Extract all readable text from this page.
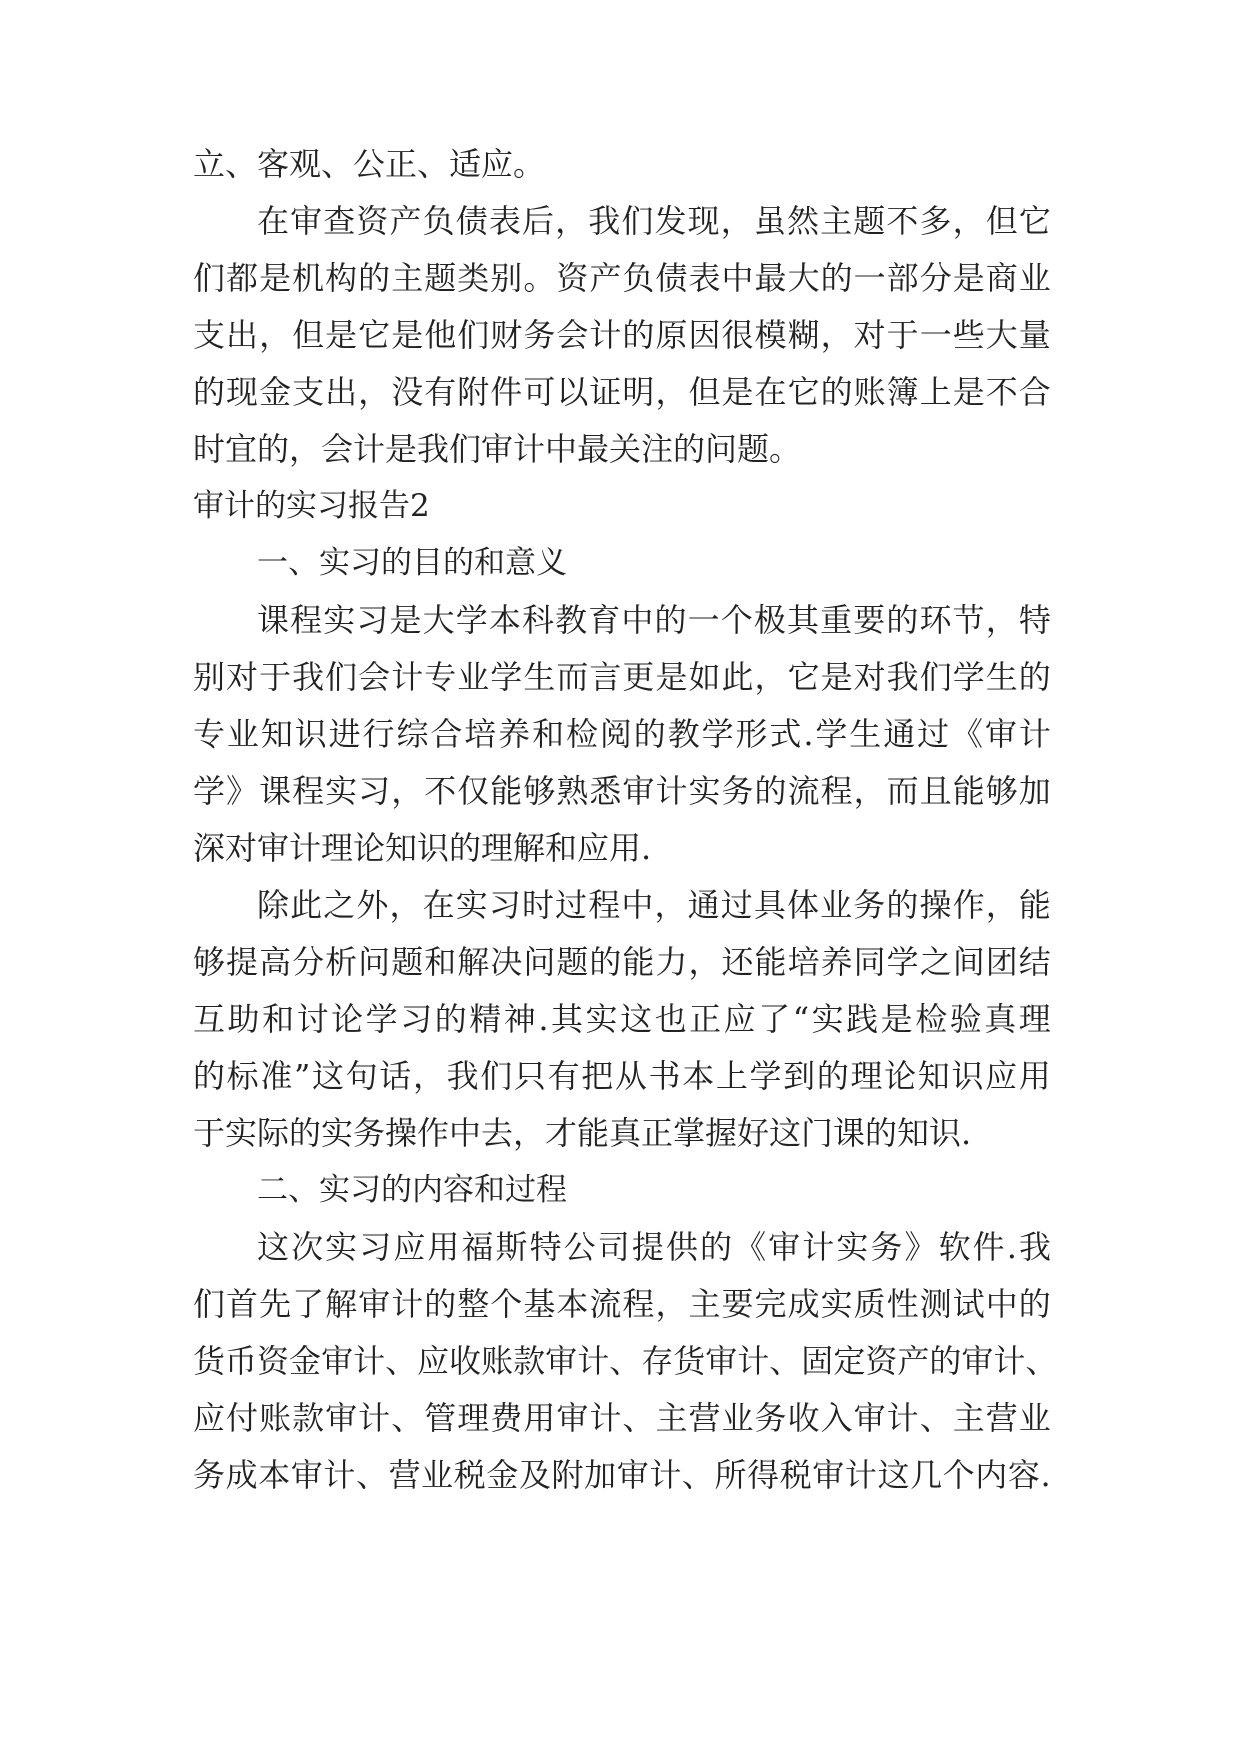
立、客观、公正、适应。

在 审 查 资 产 负 债 表 后 ， 我 们 发 现 ， 虽 然 主 题 不 多 ， 但 它

们 都 是 机 构 的 主 题 类 别 。 资 产 负 债 表 中 最 大 的 一 部 分 是 商 业

支 出 ， 但 是 它 是 他 们 财 务 会 计 的 原 因 很 模 糊 ， 对 于 一 些 大 量

的 现 金 支 出 ， 没 有 附 件 可 以 证 明 ， 但 是 在 它 的 账 簿 上 是 不 合

时宜的，会计是我们审计中最关注的问题。

审计的实习报告2

一、实习的目的和意义

课 程 实 习 是 大 学 本 科 教 育 中 的 一 个 极 其 重 要 的 环 节 ， 特

别 对 于 我 们 会 计 专 业 学 生 而 言 更 是 如 此 ， 它 是 对 我 们 学 生 的

专 业 知 识 进 行 综 合 培 养 和 检 阅 的 教 学 形 式 . 学 生 通 过 《 审 计

学 》 课 程 实 习 ， 不 仅 能 够 熟 悉 审 计 实 务 的 流 程 ， 而 且 能 够 加

深对审计理论知识的理解和应用.

除 此 之 外 ， 在 实 习 时 过 程 中 ， 通 过 具 体 业 务 的 操 作 ， 能

够 提 高 分 析 问 题 和 解 决 问 题 的 能 力 ， 还 能 培 养 同 学 之 间 团 结

互 助 和 讨 论 学 习 的 精 神 . 其 实 这 也 正 应 了 “ 实 践 是 检 验 真 理

的 标 准 ” 这 句 话 ， 我 们 只 有 把 从 书 本 上 学 到 的 理 论 知 识 应 用

于实际的实务操作中去，才能真正掌握好这门课的知识.

二、实习的内容和过程

这 次 实 习 应 用 福 斯 特 公 司 提 供 的 《 审 计 实 务 》 软 件 . 我

们 首 先 了 解 审 计 的 整 个 基 本 流 程 ， 主 要 完 成 实 质 性 测 试 中 的

货 币 资 金 审 计 、 应 收 账 款 审 计 、 存 货 审 计 、 固 定 资 产 的 审 计 、

应 付 账 款 审 计 、 管 理 费 用 审 计 、 主 营 业 务 收 入 审 计 、 主 营 业

务 成 本 审 计 、 营 业 税 金 及 附 加 审 计 、 所 得 税 审 计 这 几 个 内 容 .
